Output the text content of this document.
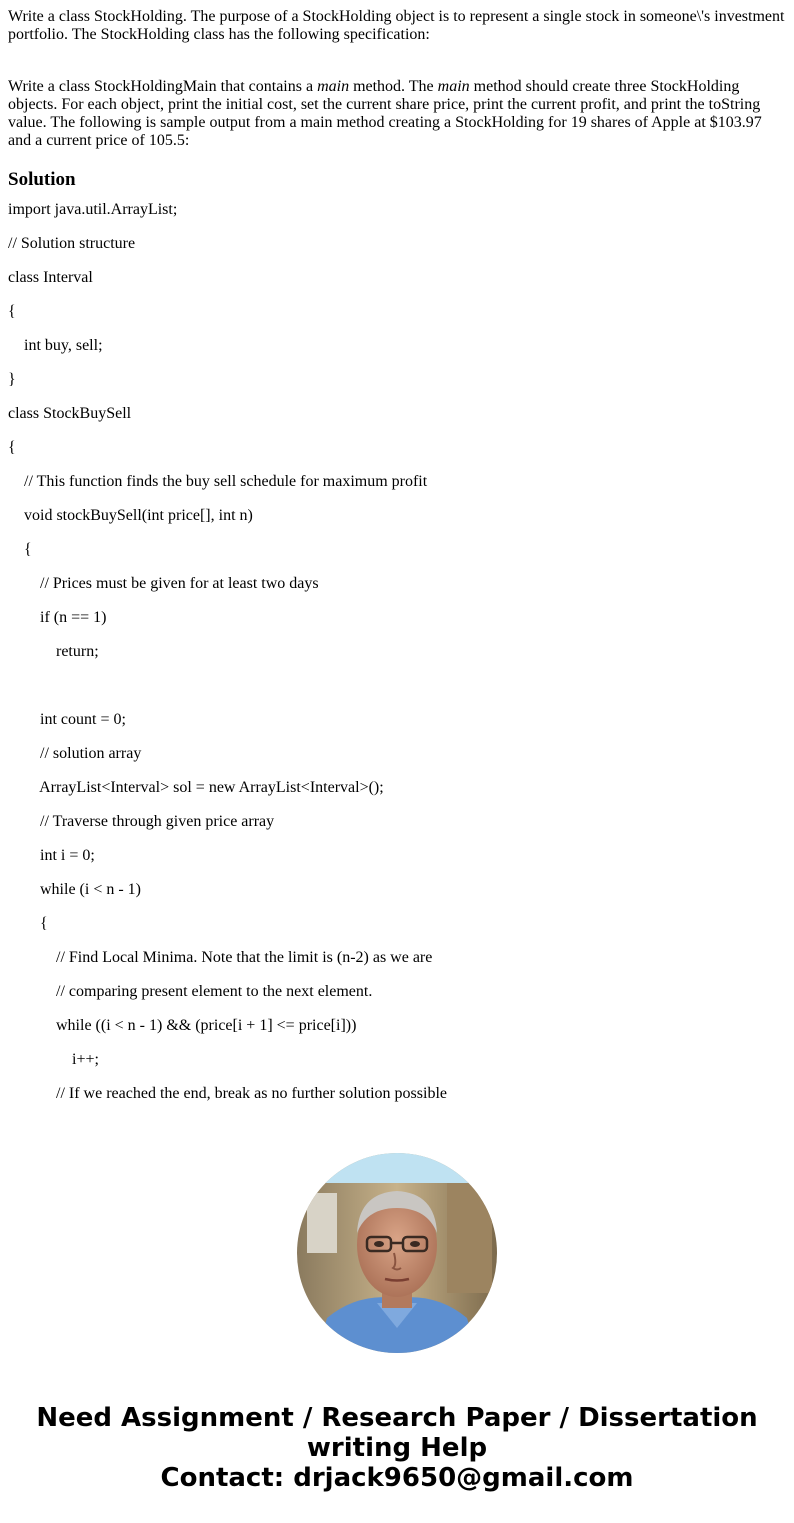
Write a class StockHolding. The purpose of a StockHolding object is to represent a single stock in someone\'s investment portfolio. The StockHolding class has the following specification:

Write a class StockHoldingMain that contains a main method. The main method should create three StockHolding objects. For each object, print the initial cost, set the current share price, print the current profit, and print the toString value. The following is sample output from a main method creating a StockHolding for 19 shares of Apple at $103.97 and a current price of 105.5:

Solution
import java.util.ArrayList;
// Solution structure
class Interval
{
int buy, sell;
}
class StockBuySell
{
// This function finds the buy sell schedule for maximum profit
void stockBuySell(int price[], int n)
{
// Prices must be given for at least two days
if (n == 1)
return;
int count = 0;
// solution array
ArrayList<Interval> sol = new ArrayList<Interval>();
// Traverse through given price array
int i = 0;
while (i < n - 1)
{
// Find Local Minima. Note that the limit is (n-2) as we are
// comparing present element to the next element.
while ((i < n - 1) && (price[i + 1] <= price[i]))
i++;
// If we reached the end, break as no further solution possible
Need Assignment / Research Paper / Dissertation
writing Help
Contact: drjack9650@gmail.com
